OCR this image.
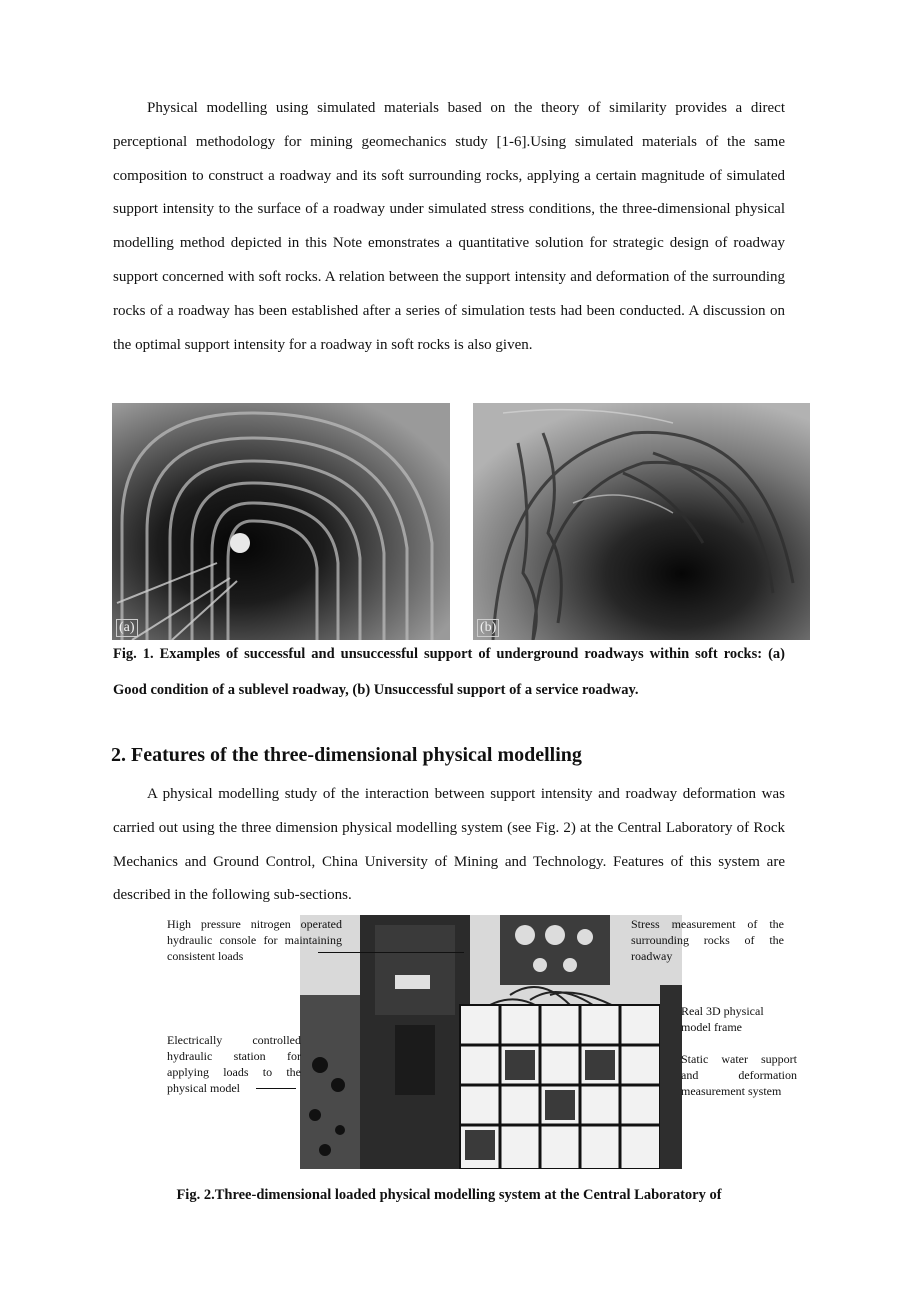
Physical modelling using simulated materials based on the theory of similarity provides a direct perceptional methodology for mining geomechanics study [1-6].Using simulated materials of the same composition to construct a roadway and its soft surrounding rocks, applying a certain magnitude of simulated support intensity to the surface of a roadway under simulated stress conditions, the three-dimensional physical modelling method depicted in this Note emonstrates a quantitative solution for strategic design of roadway support concerned with soft rocks. A relation between the support intensity and deformation of the surrounding rocks of a roadway has been established after a series of simulation tests had been conducted. A discussion on the optimal support intensity for a roadway in soft rocks is also given.

(a)	(b)

Fig. 1. Examples of successful and unsuccessful support of underground roadways within soft rocks: (a) Good condition of a sublevel roadway, (b) Unsuccessful support of a service roadway.

2. Features of the three-dimensional physical modelling

A physical modelling study of the interaction between support intensity and roadway deformation was carried out using the three dimension physical modelling system (see Fig. 2) at the Central Laboratory of Rock Mechanics and Ground Control, China University of Mining and Technology. Features of this system are described in the following sub-sections.

High pressure nitrogen operated hydraulic console for maintaining consistent loads
Electrically controlled hydraulic station for applying loads to the physical model
Stress measurement of the surrounding rocks of the roadway
Real 3D physical model frame
Static water support and deformation measurement system

Fig. 2.Three-dimensional loaded physical modelling system at the Central Laboratory of
